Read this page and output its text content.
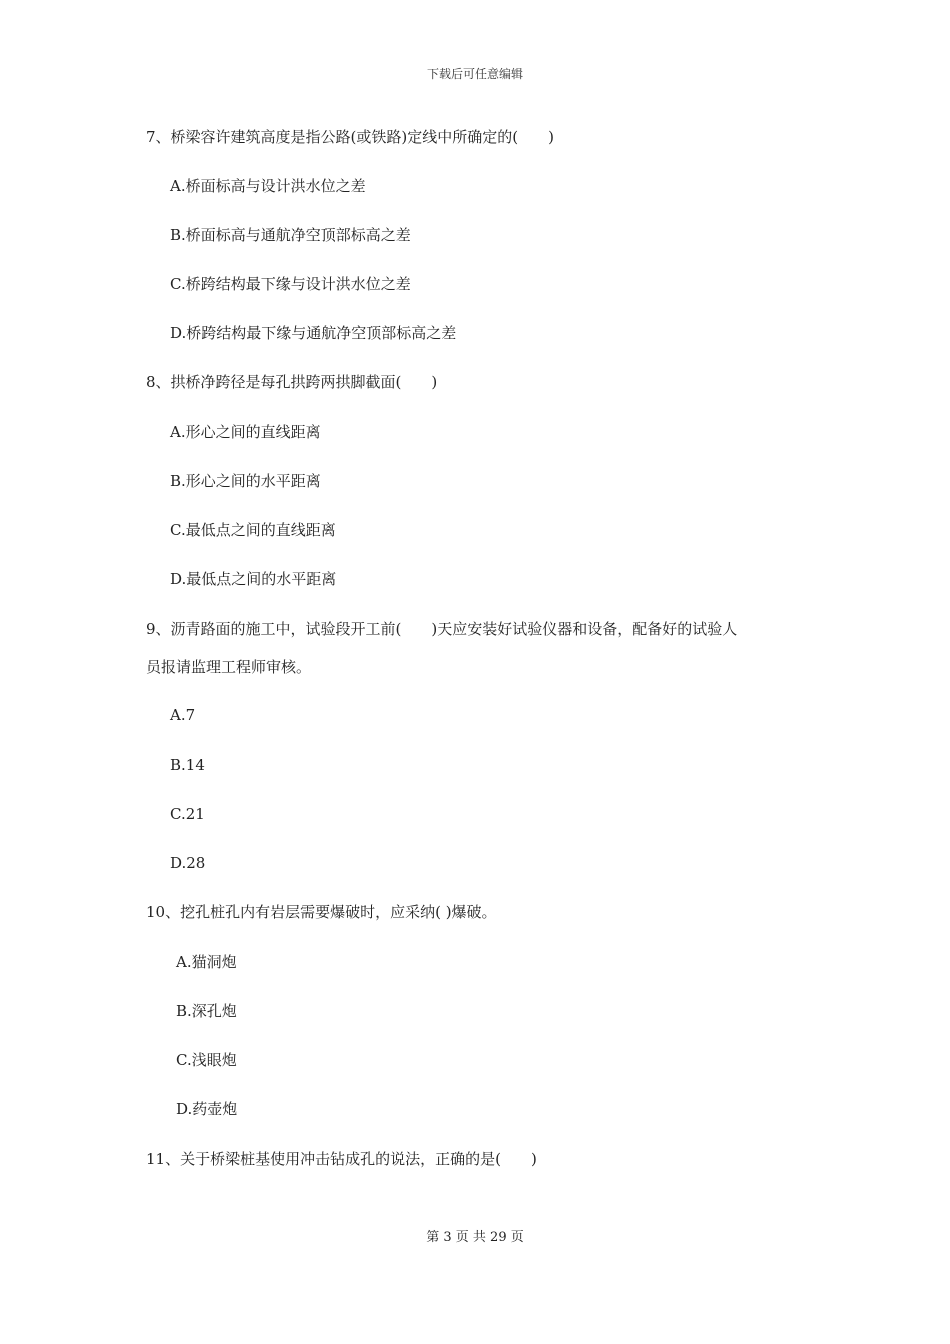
下载后可任意编辑
7、桥梁容许建筑高度是指公路(或铁路)定线中所确定的(　　)
A.桥面标高与设计洪水位之差
B.桥面标高与通航净空顶部标高之差
C.桥跨结构最下缘与设计洪水位之差
D.桥跨结构最下缘与通航净空顶部标高之差
8、拱桥净跨径是每孔拱跨两拱脚截面(　　)
A.形心之间的直线距离
B.形心之间的水平距离
C.最低点之间的直线距离
D.最低点之间的水平距离
9、沥青路面的施工中，试验段开工前(　　)天应安装好试验仪器和设备，配备好的试验人
员报请监理工程师审核。
A.7
B.14
C.21
D.28
10、挖孔桩孔内有岩层需要爆破时，应采纳( )爆破。
A.猫洞炮
B.深孔炮
C.浅眼炮
D.药壶炮
11、关于桥梁桩基使用冲击钻成孔的说法，正确的是(　　)
第 3 页 共 29 页
